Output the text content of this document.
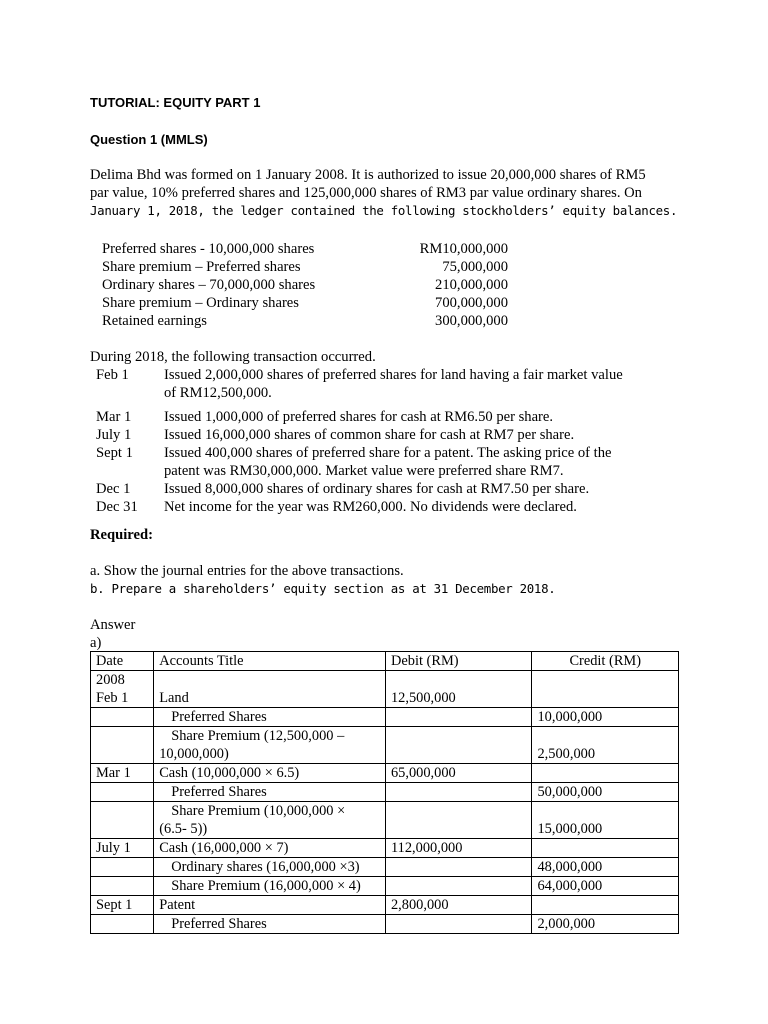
TUTORIAL: EQUITY PART 1
Question 1 (MMLS)
Delima Bhd was formed on 1 January 2008. It is authorized to issue 20,000,000 shares of RM5
par value, 10% preferred shares and 125,000,000 shares of RM3 par value ordinary shares. On
January 1, 2018, the ledger contained the following stockholders’ equity balances.
Preferred shares - 10,000,000 shares	RM10,000,000
Share premium – Preferred shares	75,000,000
Ordinary shares – 70,000,000 shares	210,000,000
Share premium – Ordinary shares	700,000,000
Retained earnings	300,000,000
During 2018, the following transaction occurred.
Feb 1	Issued 2,000,000 shares of preferred shares for land having a fair market value
of RM12,500,000.
Mar 1	Issued 1,000,000 of preferred shares for cash at RM6.50 per share.
July 1	Issued 16,000,000 shares of common share for cash at RM7 per share.
Sept 1	Issued 400,000 shares of preferred share for a patent. The asking price of the
patent was RM30,000,000. Market value were preferred share RM7.
Dec 1	Issued 8,000,000 shares of ordinary shares for cash at RM7.50 per share.
Dec 31	Net income for the year was RM260,000. No dividends were declared.
Required:
a. Show the journal entries for the above transactions.
b. Prepare a shareholders’ equity section as at 31 December 2018.
Answer
a)
Date	Accounts Title	Debit (RM)	Credit (RM)

2008
Feb 1	Land	12,500,000	
	Preferred Shares		10,000,000
	Share Premium (12,500,000 –
10,000,000)		2,500,000
Mar 1	Cash (10,000,000 × 6.5)	65,000,000	
	Preferred Shares		50,000,000
	Share Premium (10,000,000 ×
(6.5- 5))		15,000,000
July 1	Cash (16,000,000 × 7)	112,000,000	
	Ordinary shares (16,000,000 ×3)		48,000,000
	Share Premium (16,000,000 × 4)		64,000,000
Sept 1	Patent	2,800,000	
	Preferred Shares		2,000,000
